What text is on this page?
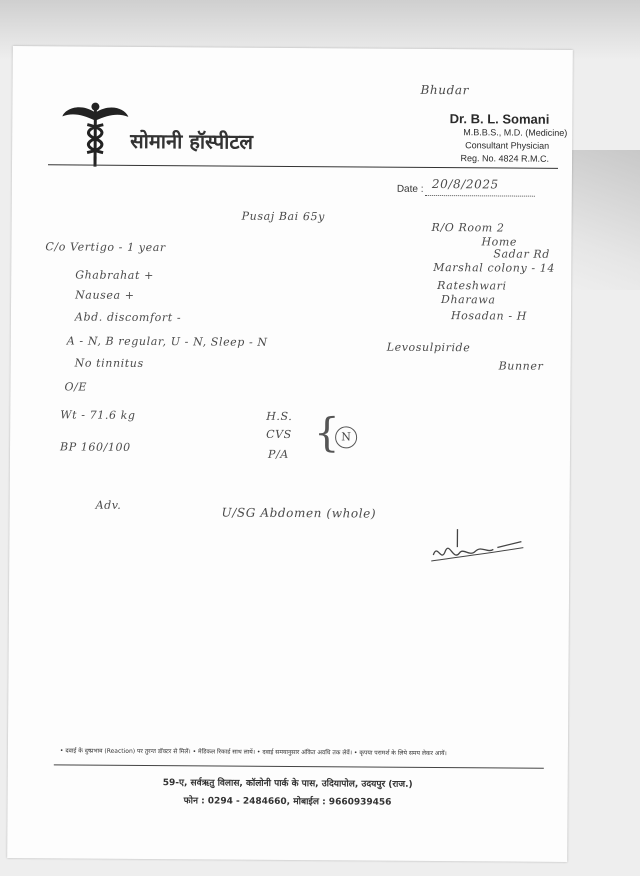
Bhudar
सोमानी हॉस्पीटल
Dr. B. L. Somani
M.B.B.S., M.D. (Medicine)
Consultant Physician
Reg. No. 4824 R.M.C.
Date : 20/8/2025
Pusaj Bai 65y
C/o Vertigo - 1 year
Ghabrahat +
Nausea +
Abd. discomfort -
A - N, B regular, U - N, Sleep - N
No tinnitus
O/E
Wt - 71.6 kg
BP 160/100
H.S.
CVS
P/A { N
R/O Room 2
Home
Sadar Rd
Marshal colony - 14
Rateshwari
Dharawa
Hosadan - H
Levosulpiride
Bunner
Adv.
U/SG Abdomen (whole)
• दवाई के दुष्प्रभाव (Reaction) पर तुरन्त डॉक्टर से मिलें। • मेडिकल रिकार्ड साथ लायें। • दवाई समयानुसार अंकित अवधि तक लेवें। • कृपया परामर्श के लिये समय लेकर आयें।
59-ए, सर्वऋतु विलास, कॉलोनी पार्क के पास, उदियापोल, उदयपुर (राज.)
फोन : 0294 - 2484660, मोबाईल : 9660939456
